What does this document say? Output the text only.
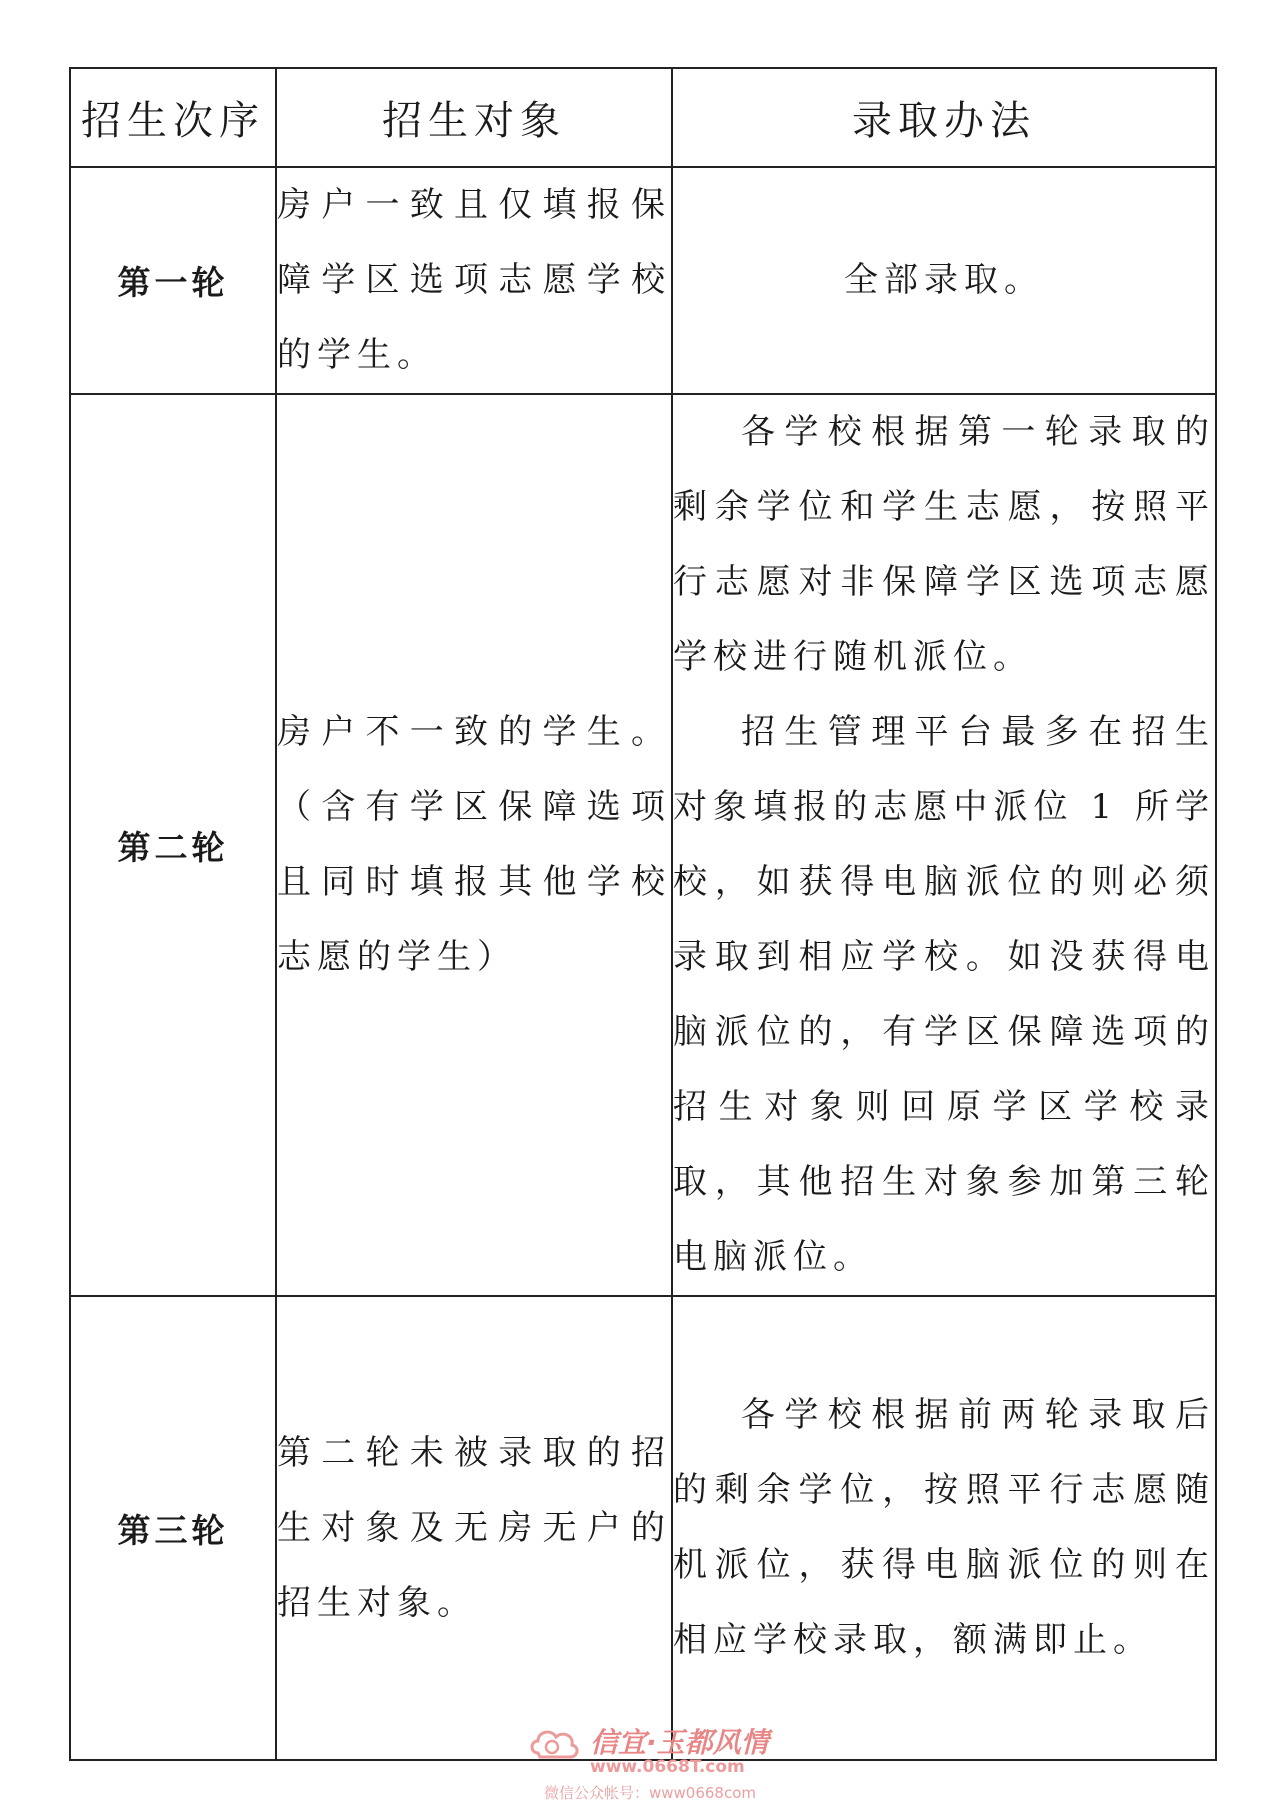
招生次序	招生对象	录取办法
第一轮	房户一致且仅填报保障学区选项志愿学校的学生。	全部录取。

第二轮	房户不一致的学生。（含有学区保障选项且同时填报其他学校志愿的学生）	各学校根据第一轮录取的剩余学位和学生志愿，按照平行志愿对非保障学区选项志愿学校进行随机派位。

招生管理平台最多在招生对象填报的志愿中派位 1 所学校，如获得电脑派位的则必须录取到相应学校。如没获得电脑派位的，有学区保障选项的招生对象则回原学区学校录取，其他招生对象参加第三轮电脑派位。

第三轮	第二轮未被录取的招生对象及无房无户的招生对象。	各学校根据前两轮录取后的剩余学位，按照平行志愿随机派位，获得电脑派位的则在相应学校录取，额满即止。

信宜·玉都风情
www.0668T.com
微信公众帐号：www0668com
